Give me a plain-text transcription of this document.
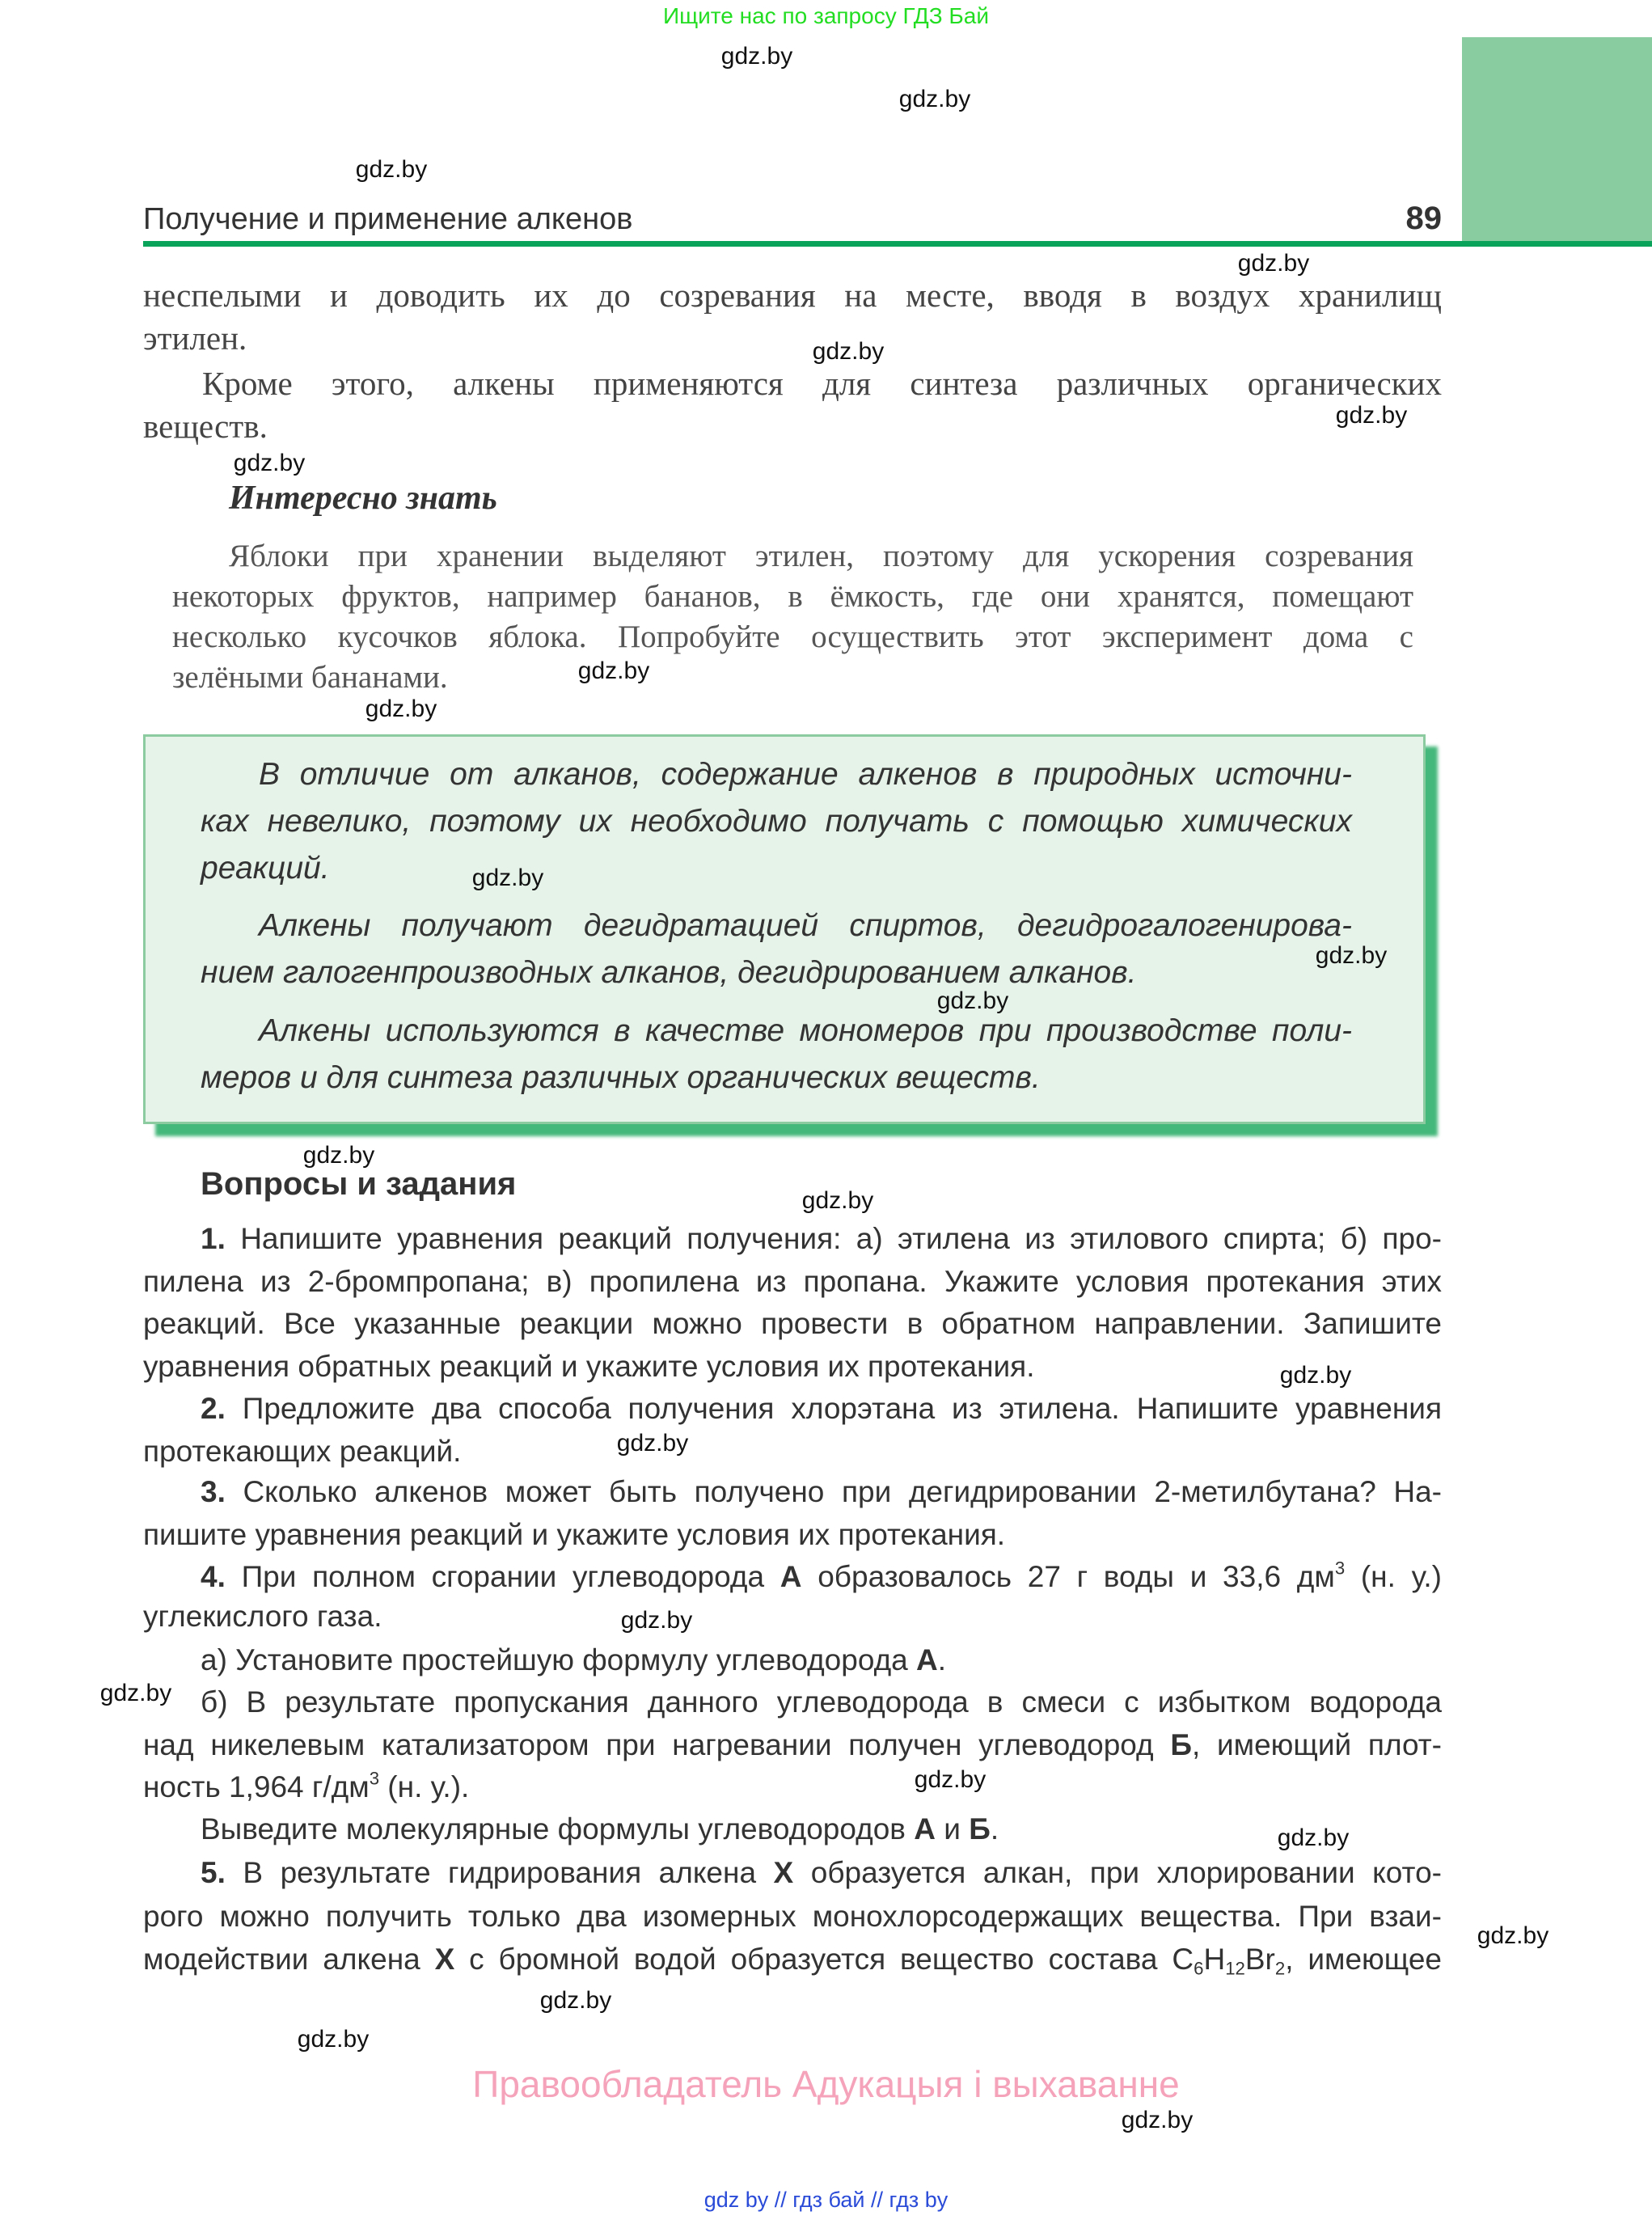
Ищите нас по запросу ГДЗ Бай
Получение и применение алкенов	89
неспелыми и доводить их до созревания на месте, вводя в воздух хранилищ
этилен.
Кроме этого, алкены применяются для синтеза различных органических
веществ.
Интересно знать
Яблоки при хранении выделяют этилен, поэтому для ускорения созревания
некоторых фруктов, например бананов, в ёмкость, где они хранятся, помещают
несколько кусочков яблока. Попробуйте осуществить этот эксперимент дома с
зелёными бананами.
В отличие от алканов, содержание алкенов в природных источни-
ках невелико, поэтому их необходимо получать с помощью химических
реакций.
Алкены получают дегидратацией спиртов, дегидрогалогенирова-
нием галогенпроизводных алканов, дегидрированием алканов.
Алкены используются в качестве мономеров при производстве поли-
меров и для синтеза различных органических веществ.
Вопросы и задания
1. Напишите уравнения реакций получения: а) этилена из этилового спирта; б) про-
пилена из 2-бромпропана; в) пропилена из пропана. Укажите условия протекания этих
реакций. Все указанные реакции можно провести в обратном направлении. Запишите
уравнения обратных реакций и укажите условия их протекания.
2. Предложите два способа получения хлорэтана из этилена. Напишите уравнения
протекающих реакций.
3. Сколько алкенов может быть получено при дегидрировании 2-метилбутана? На-
пишите уравнения реакций и укажите условия их протекания.
4. При полном сгорании углеводорода А образовалось 27 г воды и 33,6 $дм^3$ (н. у.)
углекислого газа.
а) Установите простейшую формулу углеводорода А.
б) В результате пропускания данного углеводорода в смеси с избытком водорода
над никелевым катализатором при нагревании получен углеводород Б, имеющий плот-
ность 1,964 $г/дм^3$ (н. у.).
Выведите молекулярные формулы углеводородов А и Б.
5. В результате гидрирования алкена X образуется алкан, при хлорировании кото-
рого можно получить только два изомерных монохлорсодержащих вещества. При взаи-
модействии алкена X с бромной водой образуется вещество состава $C_6H_{12}Br_2$, имеющее
gdz.by
gdz.by
gdz.by
gdz.by
gdz.by
gdz.by
gdz.by
gdz.by
gdz.by
gdz.by
gdz.by
gdz.by
gdz.by
gdz.by
gdz.by
gdz.by
gdz.by
gdz.by
gdz.by
gdz.by
gdz.by
gdz.by
gdz.by
gdz.by
Правообладатель Адукацыя і выхаванне
gdz by // гдз бай // гдз by
